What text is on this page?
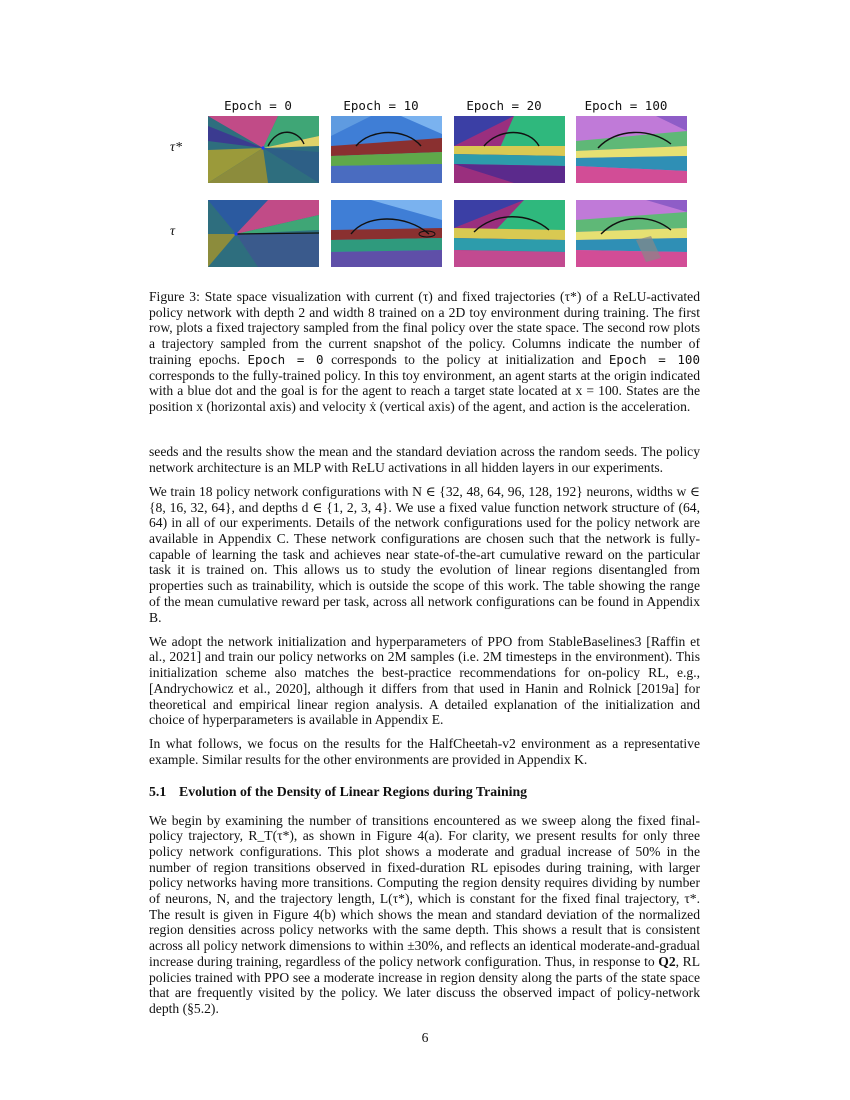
Epoch = 0	Epoch = 10	Epoch = 20	Epoch = 100
τ*
τ
Figure 3: State space visualization with current (τ) and fixed trajectories (τ*) of a ReLU-activated policy network with depth 2 and width 8 trained on a 2D toy environment during training. The first row, plots a fixed trajectory sampled from the final policy over the state space. The second row plots a trajectory sampled from the current snapshot of the policy. Columns indicate the number of training epochs. Epoch = 0 corresponds to the policy at initialization and Epoch = 100 corresponds to the fully-trained policy. In this toy environment, an agent starts at the origin indicated with a blue dot and the goal is for the agent to reach a target state located at x = 100. States are the position x (horizontal axis) and velocity ẋ (vertical axis) of the agent, and action is the acceleration.

seeds and the results show the mean and the standard deviation across the random seeds. The policy network architecture is an MLP with ReLU activations in all hidden layers in our experiments.

We train 18 policy network configurations with N ∈ {32, 48, 64, 96, 128, 192} neurons, widths w ∈ {8, 16, 32, 64}, and depths d ∈ {1, 2, 3, 4}. We use a fixed value function network structure of (64, 64) in all of our experiments. Details of the network configurations used for the policy network are available in Appendix C. These network configurations are chosen such that the network is fully-capable of learning the task and achieves near state-of-the-art cumulative reward on the particular task it is trained on. This allows us to study the evolution of linear regions disentangled from properties such as trainability, which is outside the scope of this work. The table showing the range of the mean cumulative reward per task, across all network configurations can be found in Appendix B.

We adopt the network initialization and hyperparameters of PPO from StableBaselines3 [Raffin et al., 2021] and train our policy networks on 2M samples (i.e. 2M timesteps in the environment). This initialization scheme also matches the best-practice recommendations for on-policy RL, e.g., [Andrychowicz et al., 2020], although it differs from that used in Hanin and Rolnick [2019a] for theoretical and empirical linear region analysis. A detailed explanation of the initialization and choice of hyperparameters is available in Appendix E.

In what follows, we focus on the results for the HalfCheetah-v2 environment as a representative example. Similar results for the other environments are provided in Appendix K.

5.1 Evolution of the Density of Linear Regions during Training

We begin by examining the number of transitions encountered as we sweep along the fixed final-policy trajectory, R_T(τ*), as shown in Figure 4(a). For clarity, we present results for only three policy network configurations. This plot shows a moderate and gradual increase of 50% in the number of region transitions observed in fixed-duration RL episodes during training, with larger policy networks having more transitions. Computing the region density requires dividing by number of neurons, N, and the trajectory length, L(τ*), which is constant for the fixed final trajectory, τ*. The result is given in Figure 4(b) which shows the mean and standard deviation of the normalized region densities across policy networks with the same depth. This shows a result that is consistent across all policy network dimensions to within ±30%, and reflects an identical moderate-and-gradual increase during training, regardless of the policy network configuration. Thus, in response to Q2, RL policies trained with PPO see a moderate increase in region density along the parts of the state space that are frequently visited by the policy. We later discuss the observed impact of policy-network depth (§5.2).

6
